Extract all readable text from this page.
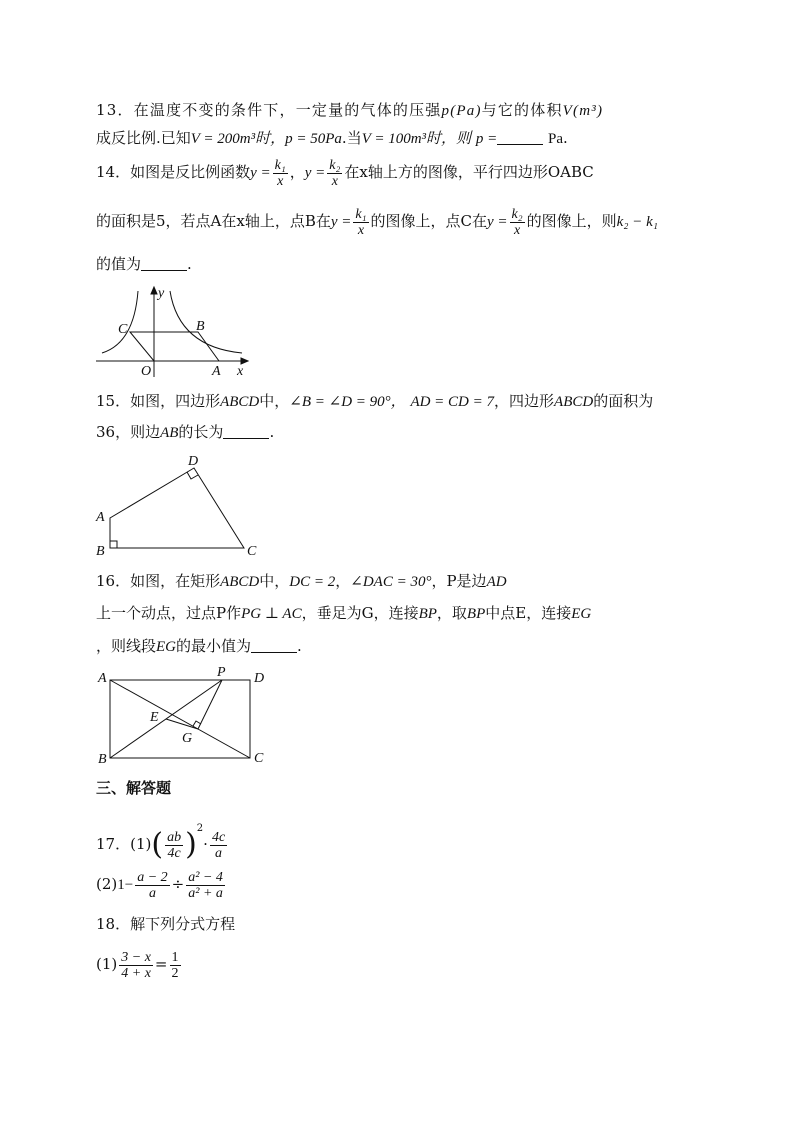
13．在温度不变的条件下，一定量的气体的压强p(Pa)与它的体积V(m³)
成反比例.已知V = 200m³时，p = 50Pa.当V = 100m³时，则 p =	Pa.
14．如图是反比例函数$y = \frac{\text{k₁}}{x}$ ，$y = \frac{\text{k₂}}{x}$ 在x轴上方的图像，平行四边形OABC
的面积是5，若点A在x轴上，点B在$y = \frac{\text{k₁}}{x}$ 的图像上，点C在$y = \frac{\text{k₂}}{x}$ 的图像上，则k₂ − k₁
的值为	.
y
C	B
O	A x
15．如图，四边形ABCD中，∠B = ∠D = 90°， AD = CD = 7，四边形ABCD的面积为
36，则边AB的长为	.
D
A
B	C
16．如图，在矩形ABCD中，DC = 2，∠DAC = 30°，P是边AD
上一个动点，过点P作PG ⊥ AC，垂足为G，连接BP，取BP中点E，连接EG
，则线段EG的最小值为	.
A	P D
E
G
B	C
三、解答题
17．$(1)( \frac{ab}{4c} )^2\cdot \frac{4c}{a}$
$(2)1- \frac{a - 2}{a} \div \frac{\text{a² − 4}}{\text{a² + a}}$
18．解下列分式方程
$(1) \frac{3 - x}{4 + x} = \frac{1}{2}$
